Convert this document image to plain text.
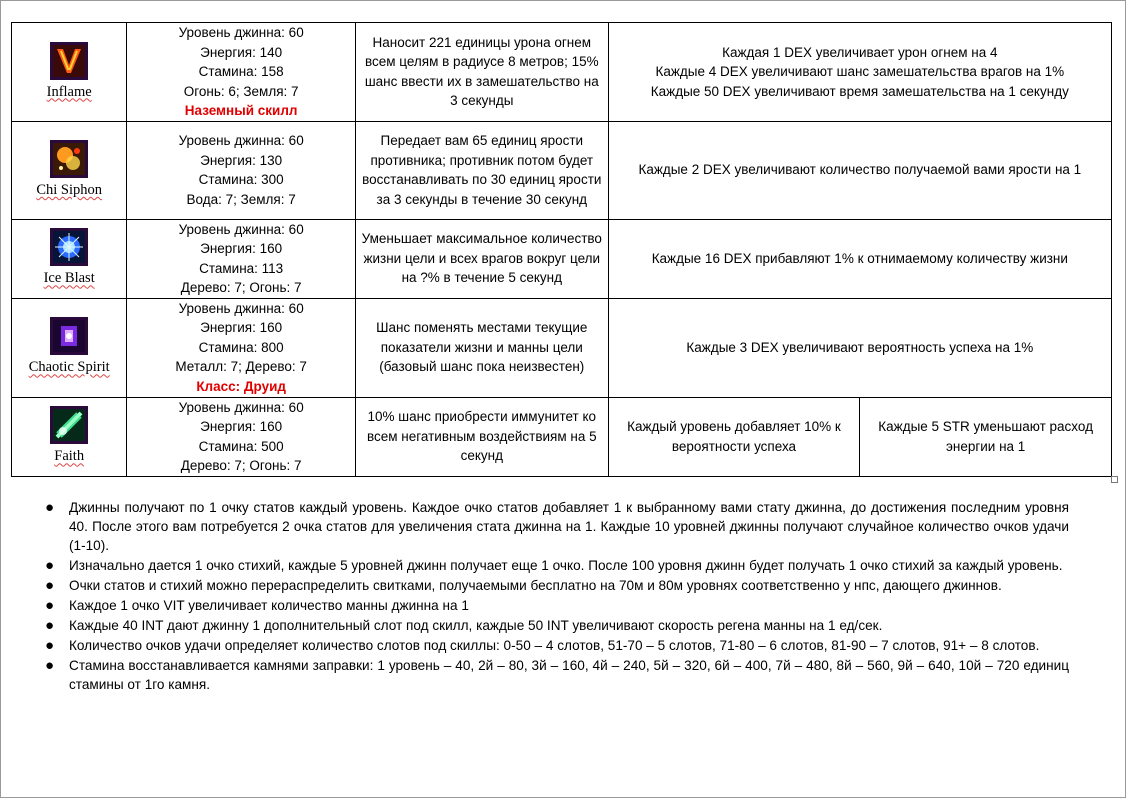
Inflame	Уровень джинна: 60
Энергия: 140
Стамина: 158
Огонь: 6; Земля: 7
Наземный скилл	Наносит 221 единицы урона огнем всем целям в радиусе 8 метров; 15% шанс ввести их в замешательство на 3 секунды	Каждая 1 DEX увеличивает урон огнем на 4
Каждые 4 DEX увеличивают шанс замешательства врагов на 1%
Каждые 50 DEX увеличивают время замешательства на 1 секунду	

Chi Siphon	Уровень джинна: 60
Энергия: 130
Стамина: 300
Вода: 7; Земля: 7	Передает вам 65 единиц ярости противника; противник потом будет восстанавливать по 30 единиц ярости за 3 секунды в течение 30 секунд	Каждые 2 DEX увеличивают количество получаемой вами ярости на 1	

Ice Blast	Уровень джинна: 60
Энергия: 160
Стамина: 113
Дерево: 7; Огонь: 7	Уменьшает максимальное количество жизни цели и всех врагов вокруг цели на ?% в течение 5 секунд	Каждые 16 DEX прибавляют 1% к отнимаемому количеству жизни	

Chaotic Spirit	Уровень джинна: 60
Энергия: 160
Стамина: 800
Металл: 7; Дерево: 7
Класс: Друид	Шанс поменять местами текущие показатели жизни и манны цели (базовый шанс пока неизвестен)	Каждые 3 DEX увеличивают вероятность успеха на 1%	

Faith	Уровень джинна: 60
Энергия: 160
Стамина: 500
Дерево: 7; Огонь: 7	10% шанс приобрести иммунитет ко всем негативным воздействиям на 5 секунд	Каждый уровень добавляет 10% к вероятности успеха	Каждые 5 STR уменьшают расход энергии на 1
● Джинны получают по 1 очку статов каждый уровень. Каждое очко статов добавляет 1 к выбранному вами стату джинна, до достижения последним уровня 40. После этого вам потребуется 2 очка статов для увеличения стата джинна на 1. Каждые 10 уровней джинны получают случайное количество очков удачи (1-10).
● Изначально дается 1 очко стихий, каждые 5 уровней джинн получает еще 1 очко. После 100 уровня джинн будет получать 1 очко стихий за каждый уровень.
● Очки статов и стихий можно перераспределить свитками, получаемыми бесплатно на 70м и 80м уровнях соответственно у нпс, дающего джиннов.
● Каждое 1 очко VIT увеличивает количество манны джинна на 1
● Каждые 40 INT дают джинну 1 дополнительный слот под скилл, каждые 50 INT увеличивают скорость регена манны на 1 ед/сек.
● Количество очков удачи определяет количество слотов под скиллы: 0-50 – 4 слотов, 51-70 – 5 слотов, 71-80 – 6 слотов, 81-90 – 7 слотов, 91+ – 8 слотов.
● Стамина восстанавливается камнями заправки: 1 уровень – 40, 2й – 80, 3й – 160, 4й – 240, 5й – 320, 6й – 400, 7й – 480, 8й – 560, 9й – 640, 10й – 720 единиц стамины от 1го камня.
